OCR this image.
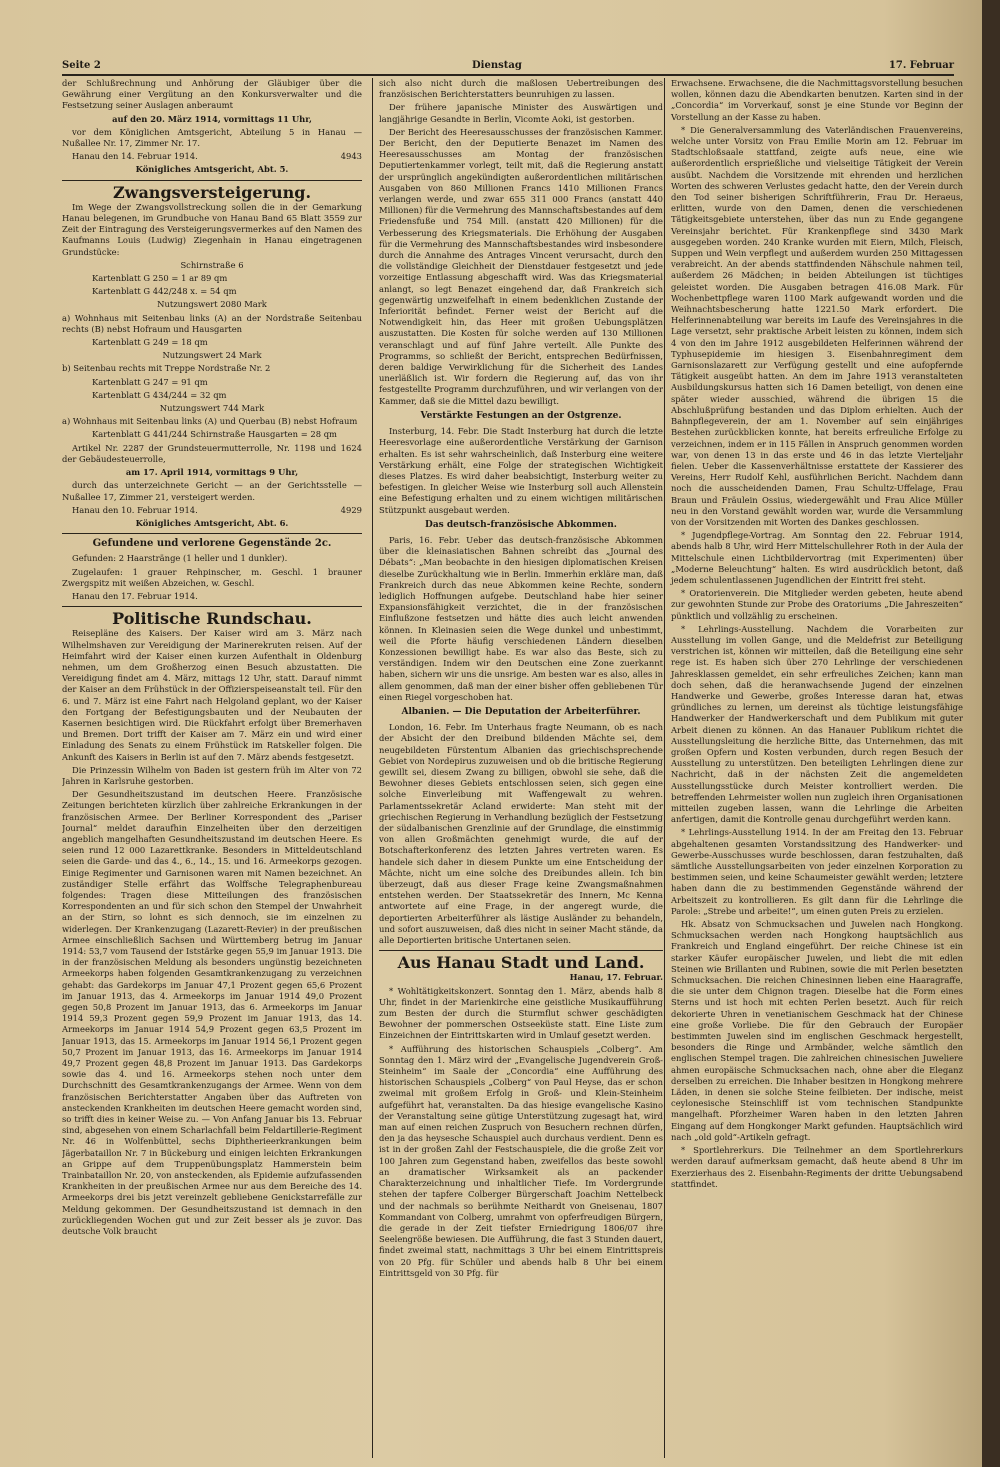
Seite 2	Dienstag	17. Februar

der Schlußrechnung und Anhörung der Gläubiger über die Gewährung einer Vergütung an den Konkursverwalter und die Festsetzung seiner Auslagen anberaumt

auf den 20. März 1914, vormittags 11 Uhr,

vor dem Königlichen Amtsgericht, Abteilung 5 in Hanau — Nußallee Nr. 17, Zimmer Nr. 17.

Hanau den 14. Februar 1914.	4943

Königliches Amtsgericht, Abt. 5.

Zwangsversteigerung.

Im Wege der Zwangsvollstreckung sollen die in der Gemarkung Hanau belegenen, im Grundbuche von Hanau Band 65 Blatt 3559 zur Zeit der Eintragung des Versteigerungsvermerkes auf den Namen des Kaufmanns Louis (Ludwig) Ziegenhain in Hanau eingetragenen Grundstücke:

Schirnstraße 6

Kartenblatt G 250 = 1 ar 89 qm

Kartenblatt G 442/248 x. = 54 qm

Nutzungswert 2080 Mark

a) Wohnhaus mit Seitenbau links (A) an der Nordstraße Seitenbau rechts (B) nebst Hofraum und Hausgarten

Kartenblatt G 249 = 18 qm

Nutzungswert 24 Mark

b) Seitenbau rechts mit Treppe Nordstraße Nr. 2

Kartenblatt G 247 = 91 qm

Kartenblatt G 434/244 = 32 qm

Nutzungswert 744 Mark

a) Wohnhaus mit Seitenbau links (A) und Querbau (B) nebst Hofraum

Kartenblatt G 441/244 Schirnstraße Hausgarten = 28 qm

Artikel Nr. 2287 der Grundsteuermutterrolle, Nr. 1198 und 1624 der Gebäudesteuerrolle,

am 17. April 1914, vormittags 9 Uhr,

durch das unterzeichnete Gericht — an der Gerichtsstelle — Nußallee 17, Zimmer 21, versteigert werden.

Hanau den 10. Februar 1914.	4929

Königliches Amtsgericht, Abt. 6.

Gefundene und verlorene Gegenstände 2c.

Gefunden: 2 Haarstränge (1 heller und 1 dunkler).

Zugelaufen: 1 grauer Rehpinscher, m. Geschl. 1 brauner Zwergspitz mit weißen Abzeichen, w. Geschl.

Hanau den 17. Februar 1914.

Politische Rundschau.

Reisepläne des Kaisers. Der Kaiser wird am 3. März nach Wilhelmshaven zur Vereidigung der Marinerekruten reisen. Auf der Heimfahrt wird der Kaiser einen kurzen Aufenthalt in Oldenburg nehmen, um dem Großherzog einen Besuch abzustatten. Die Vereidigung findet am 4. März, mittags 12 Uhr, statt. Darauf nimmt der Kaiser an dem Frühstück in der Offizierspeiseanstalt teil. Für den 6. und 7. März ist eine Fahrt nach Helgoland geplant, wo der Kaiser den Fortgang der Befestigungsbauten und der Neubauten der Kasernen besichtigen wird. Die Rückfahrt erfolgt über Bremerhaven und Bremen. Dort trifft der Kaiser am 7. März ein und wird einer Einladung des Senats zu einem Frühstück im Ratskeller folgen. Die Ankunft des Kaisers in Berlin ist auf den 7. März abends festgesetzt.

Die Prinzessin Wilhelm von Baden ist gestern früh im Alter von 72 Jahren in Karlsruhe gestorben.

Der Gesundheitszustand im deutschen Heere. Französische Zeitungen berichteten kürzlich über zahlreiche Erkrankungen in der französischen Armee. Der Berliner Korrespondent des „Pariser Journal“ meldet daraufhin Einzelheiten über den derzeitigen angeblich mangelhaften Gesundheitszustand im deutschen Heere. Es seien rund 12 000 Lazarettkranke. Besonders in Mitteldeutschland seien die Garde- und das 4., 6., 14., 15. und 16. Armeekorps gezogen. Einige Regimenter und Garnisonen waren mit Namen bezeichnet. An zuständiger Stelle erfährt das Wolffsche Telegraphenbureau folgendes: Tragen diese Mitteilungen des französischen Korrespondenten an und für sich schon den Stempel der Unwahrheit an der Stirn, so lohnt es sich dennoch, sie im einzelnen zu widerlegen. Der Krankenzugang (Lazarett-Revier) in der preußischen Armee einschließlich Sachsen und Württemberg betrug im Januar 1914: 53,7 vom Tausend der Iststärke gegen 55,9 im Januar 1913. Die in der französischen Meldung als besonders ungünstig bezeichneten Armeekorps haben folgenden Gesamtkrankenzugang zu verzeichnen gehabt: das Gardekorps im Januar 47,1 Prozent gegen 65,6 Prozent im Januar 1913, das 4. Armeekorps im Januar 1914 49,0 Prozent gegen 50,8 Prozent im Januar 1913, das 6. Armeekorps im Januar 1914 59,3 Prozent gegen 59,9 Prozent im Januar 1913, das 14. Armeekorps im Januar 1914 54,9 Prozent gegen 63,5 Prozent im Januar 1913, das 15. Armeekorps im Januar 1914 56,1 Prozent gegen 50,7 Prozent im Januar 1913, das 16. Armeekorps im Januar 1914 49,7 Prozent gegen 48,8 Prozent im Januar 1913. Das Gardekorps sowie das 4. und 16. Armeekorps stehen noch unter dem Durchschnitt des Gesamtkrankenzugangs der Armee. Wenn von dem französischen Berichterstatter Angaben über das Auftreten von ansteckenden Krankheiten im deutschen Heere gemacht worden sind, so trifft dies in keiner Weise zu. — Von Anfang Januar bis 13. Februar sind, abgesehen von einem Scharlachfall beim Feldartillerie-Regiment Nr. 46 in Wolfenbüttel, sechs Diphtherieerkrankungen beim Jägerbataillon Nr. 7 in Bückeburg und einigen leichten Erkrankungen an Grippe auf dem Truppenübungsplatz Hammerstein beim Trainbataillon Nr. 20, von ansteckenden, als Epidemie aufzufassenden Krankheiten in der preußischen Armee nur aus dem Bereiche des 14. Armeekorps drei bis jetzt vereinzelt gebliebene Genickstarrefälle zur Meldung gekommen. Der Gesundheitszustand ist demnach in den zurückliegenden Wochen gut und zur Zeit besser als je zuvor. Das deutsche Volk braucht

sich also nicht durch die maßlosen Uebertreibungen des französischen Berichterstatters beunruhigen zu lassen.

Der frühere japanische Minister des Auswärtigen und langjährige Gesandte in Berlin, Vicomte Aoki, ist gestorben.

Der Bericht des Heeresausschusses der französischen Kammer. Der Bericht, den der Deputierte Benazet im Namen des Heeresausschusses am Montag der französischen Deputiertenkammer vorlegt, teilt mit, daß die Regierung anstatt der ursprünglich angekündigten außerordentlichen militärischen Ausgaben von 860 Millionen Francs 1410 Millionen Francs verlangen werde, und zwar 655 311 000 Francs (anstatt 440 Millionen) für die Vermehrung des Mannschaftsbestandes auf dem Friedensfuße und 754 Mill. (anstatt 420 Millionen) für die Verbesserung des Kriegsmaterials. Die Erhöhung der Ausgaben für die Vermehrung des Mannschaftsbestandes wird insbesondere durch die Annahme des Antrages Vincent verursacht, durch den die vollständige Gleichheit der Dienstdauer festgesetzt und jede vorzeitige Entlassung abgeschafft wird. Was das Kriegsmaterial anlangt, so legt Benazet eingehend dar, daß Frankreich sich gegenwärtig unzweifelhaft in einem bedenklichen Zustande der Inferiorität befindet. Ferner weist der Bericht auf die Notwendigkeit hin, das Heer mit großen Uebungsplätzen auszustatten. Die Kosten für solche werden auf 130 Millionen veranschlagt und auf fünf Jahre verteilt. Alle Punkte des Programms, so schließt der Bericht, entsprechen Bedürfnissen, deren baldige Verwirklichung für die Sicherheit des Landes unerläßlich ist. Wir fordern die Regierung auf, das von ihr festgestellte Programm durchzuführen, und wir verlangen von der Kammer, daß sie die Mittel dazu bewilligt.

Verstärkte Festungen an der Ostgrenze.

Insterburg, 14. Febr. Die Stadt Insterburg hat durch die letzte Heeresvorlage eine außerordentliche Verstärkung der Garnison erhalten. Es ist sehr wahrscheinlich, daß Insterburg eine weitere Verstärkung erhält, eine Folge der strategischen Wichtigkeit dieses Platzes. Es wird daher beabsichtigt, Insterburg weiter zu befestigen. In gleicher Weise wie Insterburg soll auch Allenstein eine Befestigung erhalten und zu einem wichtigen militärischen Stützpunkt ausgebaut werden.

Das deutsch-französische Abkommen.

Paris, 16. Febr. Ueber das deutsch-französische Abkommen über die kleinasiatischen Bahnen schreibt das „Journal des Débats“: „Man beobachte in den hiesigen diplomatischen Kreisen dieselbe Zurückhaltung wie in Berlin. Immerhin erkläre man, daß Frankreich durch das neue Abkommen keine Rechte, sondern lediglich Hoffnungen aufgebe. Deutschland habe hier seiner Expansionsfähigkeit verzichtet, die in der französischen Einflußzone festsetzen und hätte dies auch leicht anwenden können. In Kleinasien seien die Wege dunkel und unbestimmt, weil die Pforte häufig verschiedenen Ländern dieselben Konzessionen bewilligt habe. Es war also das Beste, sich zu verständigen. Indem wir den Deutschen eine Zone zuerkannt haben, sichern wir uns die unsrige. Am besten war es also, alles in allem genommen, daß man der einer bisher offen gebliebenen Tür einen Riegel vorgeschoben hat.

Albanien. — Die Deputation der Arbeiterführer.

London, 16. Febr. Im Unterhaus fragte Neumann, ob es nach der Absicht der den Dreibund bildenden Mächte sei, dem neugebildeten Fürstentum Albanien das griechischsprechende Gebiet von Nordepirus zuzuweisen und ob die britische Regierung gewillt sei, diesem Zwang zu billigen, obwohl sie sehe, daß die Bewohner dieses Gebiets entschlossen seien, sich gegen eine solche Einverleibung mit Waffengewalt zu wehren. Parlamentssekretär Acland erwiderte: Man steht mit der griechischen Regierung in Verhandlung bezüglich der Festsetzung der südalbanischen Grenzlinie auf der Grundlage, die einstimmig von allen Großmächten genehmigt wurde, die auf der Botschafterkonferenz des letzten Jahres vertreten waren. Es handele sich daher in diesem Punkte um eine Entscheidung der Mächte, nicht um eine solche des Dreibundes allein. Ich bin überzeugt, daß aus dieser Frage keine Zwangsmaßnahmen entstehen werden. Der Staatssekretär des Innern, Mc Kenna antwortete auf eine Frage, in der angeregt wurde, die deportierten Arbeiterführer als lästige Ausländer zu behandeln, und sofort auszuweisen, daß dies nicht in seiner Macht stände, da alle Deportierten britische Untertanen seien.

Aus Hanau Stadt und Land.

Hanau, 17. Februar.

* Wohltätigkeitskonzert. Sonntag den 1. März, abends halb 8 Uhr, findet in der Marienkirche eine geistliche Musikaufführung zum Besten der durch die Sturmflut schwer geschädigten Bewohner der pommerschen Ostseeküste statt. Eine Liste zum Einzeichnen der Eintrittskarten wird in Umlauf gesetzt werden.

* Aufführung des historischen Schauspiels „Colberg“. Am Sonntag den 1. März wird der „Evangelische Jugendverein Groß-Steinheim“ im Saale der „Concordia“ eine Aufführung des historischen Schauspiels „Colberg“ von Paul Heyse, das er schon zweimal mit großem Erfolg in Groß- und Klein-Steinheim aufgeführt hat, veranstalten. Da das hiesige evangelische Kasino der Veranstaltung seine gütige Unterstützung zugesagt hat, wird man auf einen reichen Zuspruch von Besuchern rechnen dürfen, den ja das heysesche Schauspiel auch durchaus verdient. Denn es ist in der großen Zahl der Festschauspiele, die die große Zeit vor 100 Jahren zum Gegenstand haben, zweifellos das beste sowohl an dramatischer Wirksamkeit als an packender Charakterzeichnung und inhaltlicher Tiefe. Im Vordergrunde stehen der tapfere Colberger Bürgerschaft Joachim Nettelbeck und der nachmals so berühmte Neithardt von Gneisenau, 1807 Kommandant von Colberg, umrahmt von opferfreudigen Bürgern, die gerade in der Zeit tiefster Erniedrigung 1806/07 ihre Seelengröße bewiesen. Die Aufführung, die fast 3 Stunden dauert, findet zweimal statt, nachmittags 3 Uhr bei einem Eintrittspreis von 20 Pfg. für Schüler und abends halb 8 Uhr bei einem Eintrittsgeld von 30 Pfg. für

Erwachsene. Erwachsene, die die Nachmittagsvorstellung besuchen wollen, können dazu die Abendkarten benutzen. Karten sind in der „Concordia“ im Vorverkauf, sonst je eine Stunde vor Beginn der Vorstellung an der Kasse zu haben.

* Die Generalversammlung des Vaterländischen Frauenvereins, welche unter Vorsitz von Frau Emilie Morin am 12. Februar im Stadtschloßsaale stattfand, zeigte aufs neue, eine wie außerordentlich ersprießliche und vielseitige Tätigkeit der Verein ausübt. Nachdem die Vorsitzende mit ehrenden und herzlichen Worten des schweren Verlustes gedacht hatte, den der Verein durch den Tod seiner bisherigen Schriftführerin, Frau Dr. Heraeus, erlitten, wurde von den Damen, denen die verschiedenen Tätigkeitsgebiete unterstehen, über das nun zu Ende gegangene Vereinsjahr berichtet. Für Krankenpflege sind 3430 Mark ausgegeben worden. 240 Kranke wurden mit Eiern, Milch, Fleisch, Suppen und Wein verpflegt und außerdem wurden 250 Mittagessen verabreicht. An der abends stattfindenden Nähschule nahmen teil, außerdem 26 Mädchen; in beiden Abteilungen ist tüchtiges geleistet worden. Die Ausgaben betragen 416.08 Mark. Für Wochenbettpflege waren 1100 Mark aufgewandt worden und die Weihnachtsbescherung hatte 1221.50 Mark erfordert. Die Helferinnenabteilung war bereits im Laufe des Vereinsjahres in die Lage versetzt, sehr praktische Arbeit leisten zu können, indem sich 4 von den im Jahre 1912 ausgebildeten Helferinnen während der Typhusepidemie im hiesigen 3. Eisenbahnregiment dem Garnisonslazarett zur Verfügung gestellt und eine aufopfernde Tätigkeit ausgeübt hatten. An dem im Jahre 1913 veranstalteten Ausbildungskursus hatten sich 16 Damen beteiligt, von denen eine später wieder ausschied, während die übrigen 15 die Abschlußprüfung bestanden und das Diplom erhielten. Auch der Bahnpflegeverein, der am 1. November auf sein einjähriges Bestehen zurückblicken konnte, hat bereits erfreuliche Erfolge zu verzeichnen, indem er in 115 Fällen in Anspruch genommen worden war, von denen 13 in das erste und 46 in das letzte Vierteljahr fielen. Ueber die Kassenverhältnisse erstattete der Kassierer des Vereins, Herr Rudolf Kehl, ausführlichen Bericht. Nachdem dann noch die ausscheidenden Damen, Frau Schultz-Uffelage, Frau Braun und Fräulein Ossius, wiedergewählt und Frau Alice Müller neu in den Vorstand gewählt worden war, wurde die Versammlung von der Vorsitzenden mit Worten des Dankes geschlossen.

* Jugendpflege-Vortrag. Am Sonntag den 22. Februar 1914, abends halb 8 Uhr, wird Herr Mittelschullehrer Roth in der Aula der Mittelschule einen Lichtbildervortrag (mit Experimenten) über „Moderne Beleuchtung“ halten. Es wird ausdrücklich betont, daß jedem schulentlassenen Jugendlichen der Eintritt frei steht.

* Oratorienverein. Die Mitglieder werden gebeten, heute abend zur gewohnten Stunde zur Probe des Oratoriums „Die Jahreszeiten“ pünktlich und vollzählig zu erscheinen.

* Lehrlings-Ausstellung. Nachdem die Vorarbeiten zur Ausstellung im vollen Gange, und die Meldefrist zur Beteiligung verstrichen ist, können wir mitteilen, daß die Beteiligung eine sehr rege ist. Es haben sich über 270 Lehrlinge der verschiedenen Jahresklassen gemeldet, ein sehr erfreuliches Zeichen; kann man doch sehen, daß die heranwachsende Jugend der einzelnen Handwerke und Gewerbe, großes Interesse daran hat, etwas gründliches zu lernen, um dereinst als tüchtige leistungsfähige Handwerker der Handwerkerschaft und dem Publikum mit guter Arbeit dienen zu können. An das Hanauer Publikum richtet die Ausstellungsleitung die herzliche Bitte, das Unternehmen, das mit großen Opfern und Kosten verbunden, durch regen Besuch der Ausstellung zu unterstützen. Den beteiligten Lehrlingen diene zur Nachricht, daß in der nächsten Zeit die angemeldeten Ausstellungsstücke durch Meister kontrolliert werden. Die betreffenden Lehrmeister wollen nun zugleich ihren Organisationen mitteilen zugeben lassen, wann die Lehrlinge die Arbeiten anfertigen, damit die Kontrolle genau durchgeführt werden kann.

* Lehrlings-Ausstellung 1914. In der am Freitag den 13. Februar abgehaltenen gesamten Vorstandssitzung des Handwerker- und Gewerbe-Ausschusses wurde beschlossen, daran festzuhalten, daß sämtliche Ausstellungsarbeiten von jeder einzelnen Korporation zu bestimmen seien, und keine Schaumeister gewählt werden; letztere haben dann die zu bestimmenden Gegenstände während der Arbeitszeit zu kontrollieren. Es gilt dann für die Lehrlinge die Parole: „Strebe und arbeite!“, um einen guten Preis zu erzielen.

Hk. Absatz von Schmucksachen und Juwelen nach Hongkong. Schmucksachen werden nach Hongkong hauptsächlich aus Frankreich und England eingeführt. Der reiche Chinese ist ein starker Käufer europäischer Juwelen, und liebt die mit edlen Steinen wie Brillanten und Rubinen, sowie die mit Perlen besetzten Schmucksachen. Die reichen Chinesinnen lieben eine Haaragraffe, die sie unter dem Chignon tragen. Dieselbe hat die Form eines Sterns und ist hoch mit echten Perlen besetzt. Auch für reich dekorierte Uhren in venetianischem Geschmack hat der Chinese eine große Vorliebe. Die für den Gebrauch der Europäer bestimmten Juwelen sind im englischen Geschmack hergestellt, besonders die Ringe und Armbänder, welche sämtlich den englischen Stempel tragen. Die zahlreichen chinesischen Juweliere ahmen europäische Schmucksachen nach, ohne aber die Eleganz derselben zu erreichen. Die Inhaber besitzen in Hongkong mehrere Läden, in denen sie solche Steine feilbieten. Der indische, meist ceylonesische Steinschliff ist vom technischen Standpunkte mangelhaft. Pforzheimer Waren haben in den letzten Jahren Eingang auf dem Hongkonger Markt gefunden. Hauptsächlich wird nach „old gold“-Artikeln gefragt.

* Sportlehrerkurs. Die Teilnehmer an dem Sportlehrerkurs werden darauf aufmerksam gemacht, daß heute abend 8 Uhr im Exerzierhaus des 2. Eisenbahn-Regiments der dritte Uebungsabend stattfindet.
